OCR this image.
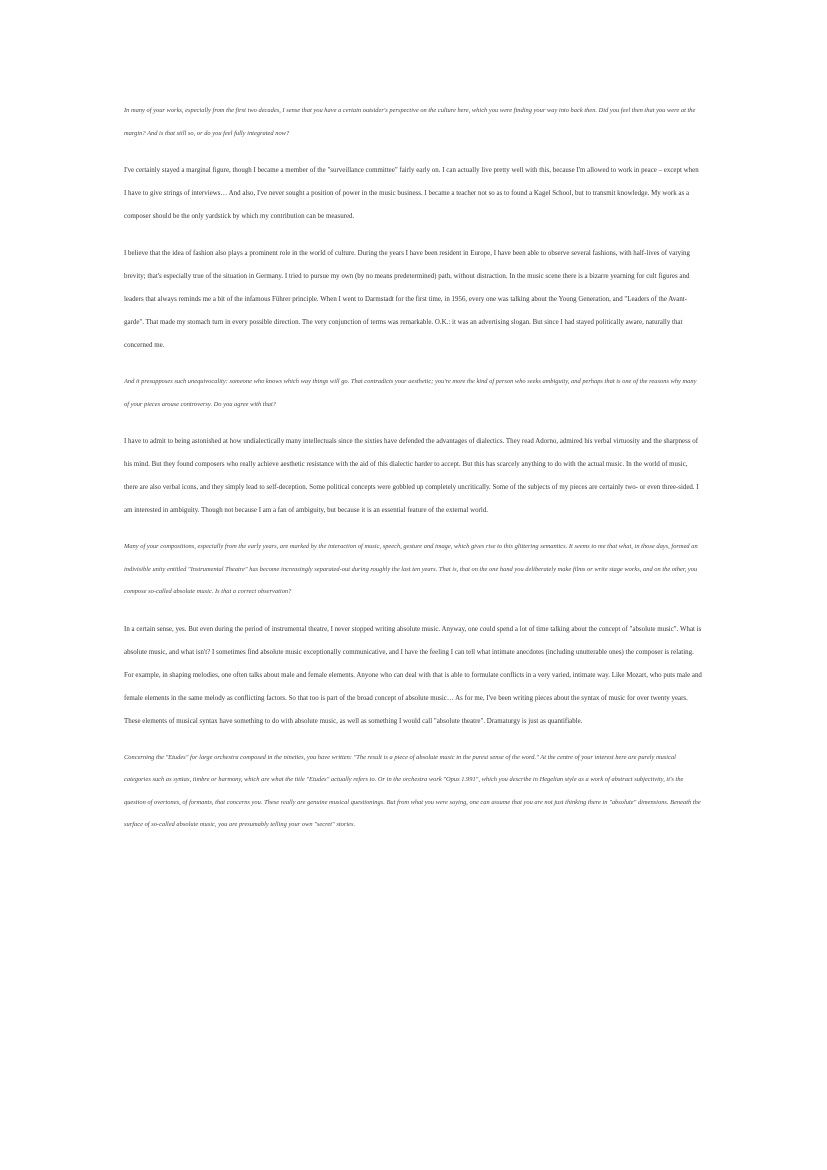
In many of your works, especially from the first two decades, I sense that you have a certain outsider's perspective on the culture here, which you were finding your way into back then. Did you feel then that you were at the margin? And is that still so, or do you feel fully integrated now?

I've certainly stayed a marginal figure, though I became a member of the "surveillance committee" fairly early on. I can actually live pretty well with this, because I'm allowed to work in peace – except when I have to give strings of interviews… And also, I've never sought a position of power in the music business. I became a teacher not so as to found a Kagel School, but to transmit knowledge. My work as a composer should be the only yardstick by which my contribution can be measured.

I believe that the idea of fashion also plays a prominent role in the world of culture. During the years I have been resident in Europe, I have been able to observe several fashions, with half-lives of varying brevity; that's especially true of the situation in Germany. I tried to pursue my own (by no means predetermined) path, without distraction. In the music scene there is a bizarre yearning for cult figures and leaders that always reminds me a bit of the infamous Führer principle. When I went to Darmstadt for the first time, in 1956, every one was talking about the Young Generation, and "Leaders of the Avant-garde". That made my stomach turn in every possible direction. The very conjunction of terms was remarkable. O.K.: it was an advertising slogan. But since I had stayed politically aware, naturally that concerned me.

And it presupposes such unequivocality: someone who knows which way things will go. That contradicts your aesthetic; you're more the kind of person who seeks ambiguity, and perhaps that is one of the reasons why many of your pieces arouse controversy. Do you agree with that?

I have to admit to being astonished at how undialectically many intellectuals since the sixties have defended the advantages of dialectics. They read Adorno, admired his verbal virtuosity and the sharpness of his mind. But they found composers who really achieve aesthetic resistance with the aid of this dialectic harder to accept. But this has scarcely anything to do with the actual music. In the world of music, there are also verbal icons, and they simply lead to self-deception. Some political concepts were gobbled up completely uncritically. Some of the subjects of my pieces are certainly two- or even three-sided. I am interested in ambiguity. Though not because I am a fan of ambiguity, but because it is an essential feature of the external world.

Many of your compositions, especially from the early years, are marked by the interaction of music, speech, gesture and image, which gives rise to this glittering semantics. It seems to me that what, in those days, formed an indivisible unity entitled "Instrumental Theatre" has become increasingly separated-out during roughly the last ten years. That is, that on the one hand you deliberately make films or write stage works, and on the other, you compose so-called absolute music. Is that a correct observation?

In a certain sense, yes. But even during the period of instrumental theatre, I never stopped writing absolute music. Anyway, one could spend a lot of time talking about the concept of "absolute music". What is absolute music, and what isn't? I sometimes find absolute music exceptionally communicative, and I have the feeling I can tell what intimate anecdotes (including unutterable ones) the composer is relating. For example, in shaping melodies, one often talks about male and female elements. Anyone who can deal with that is able to formulate conflicts in a very varied, intimate way. Like Mozart, who puts male and female elements in the same melody as conflicting factors. So that too is part of the broad concept of absolute music… As for me, I've been writing pieces about the syntax of music for over twenty years. These elements of musical syntax have something to do with absolute music, as well as something I would call "absolute theatre". Dramaturgy is just as quantifiable.

Concerning the "Etudes" for large orchestra composed in the nineties, you have written: "The result is a piece of absolute music in the purest sense of the word." At the centre of your interest here are purely musical categories such as syntax, timbre or harmony, which are what the title "Etudes" actually refers to. Or in the orchestra work "Opus 1.991", which you describe in Hegelian style as a work of abstract subjectivity, it's the question of overtones, of formants, that concerns you. These really are genuine musical questionings. But from what you were saying, one can assume that you are not just thinking there in "absolute" dimensions. Beneath the surface of so-called absolute music, you are presumably telling your own "secret" stories.
